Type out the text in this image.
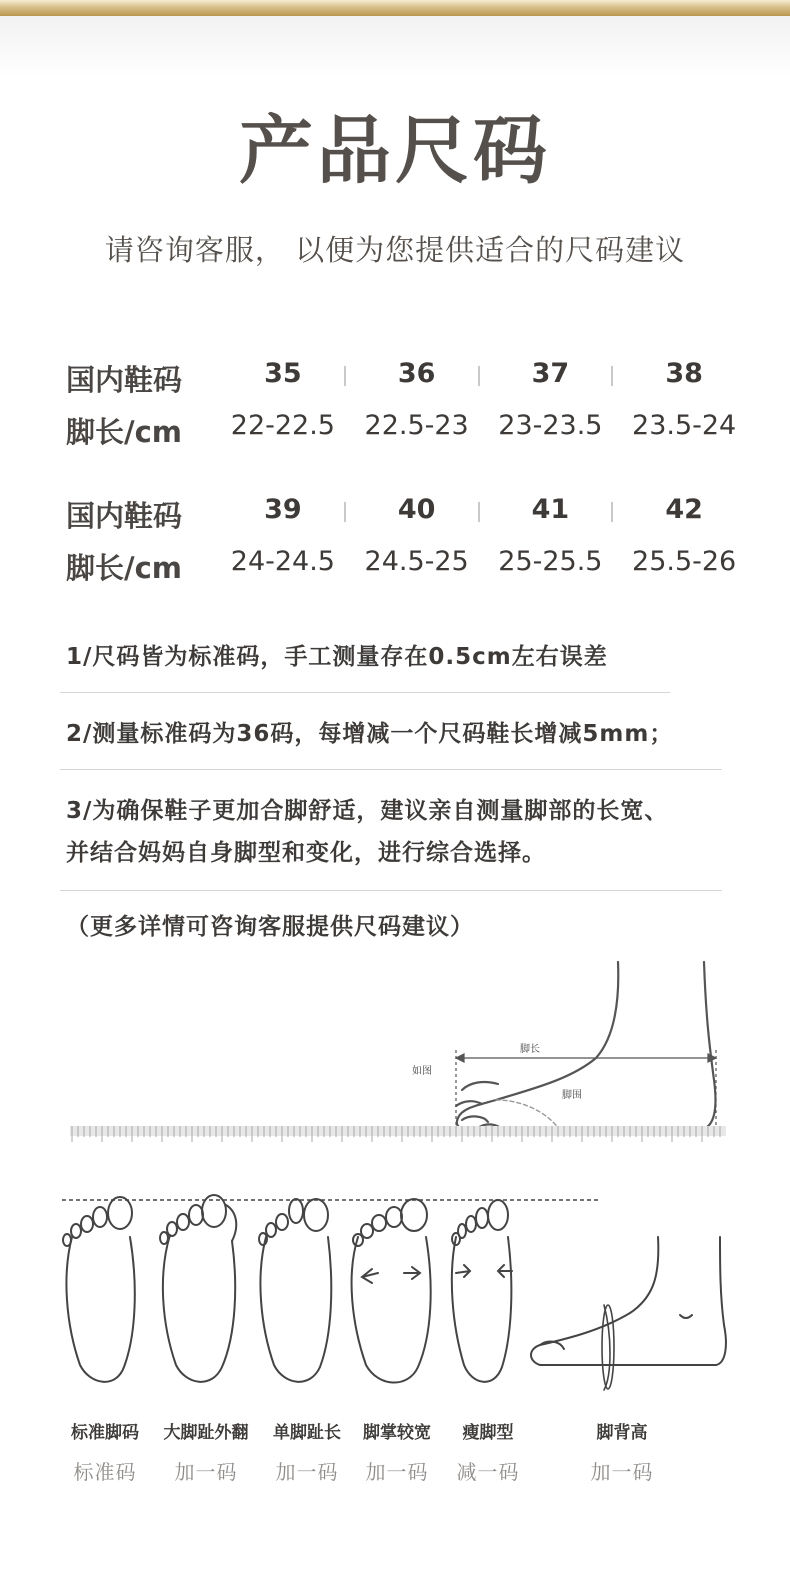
产品尺码
请咨询客服， 以便为您提供适合的尺码建议
国内鞋码	35	36	37	38
脚长/cm	22-22.5	22.5-23	23-23.5	23.5-24
国内鞋码	39	40	41	42
脚长/cm	24-24.5	24.5-25	25-25.5	25.5-26
1/尺码皆为标准码，手工测量存在0.5cm左右误差
2/测量标准码为36码，每增减一个尺码鞋长增减5mm；
3/为确保鞋子更加合脚舒适，建议亲自测量脚部的长宽、
并结合妈妈自身脚型和变化，进行综合选择。
（更多详情可咨询客服提供尺码建议）
脚长
脚围
如图
标准脚码
标准码
大脚趾外翻
加一码
单脚趾长
加一码
脚掌较宽
加一码
瘦脚型
减一码
脚背高
加一码
